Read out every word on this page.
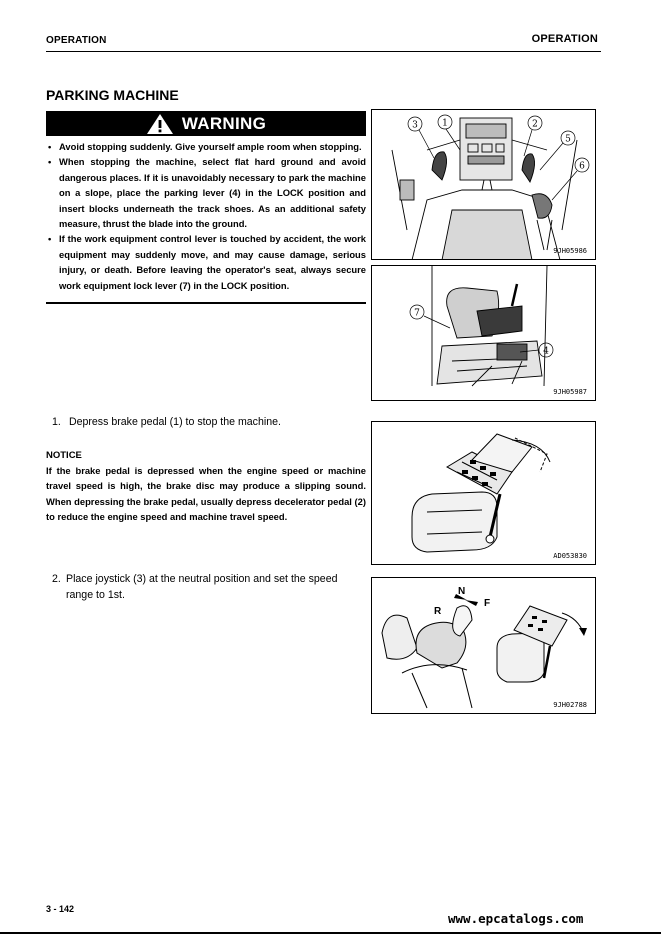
OPERATION	OPERATION
PARKING MACHINE
WARNING
• Avoid stopping suddenly. Give yourself ample room when stopping.
• When stopping the machine, select flat hard ground and avoid dangerous places. If it is unavoidably necessary to park the machine on a slope, place the parking lever (4) in the LOCK position and insert blocks underneath the track shoes. As an additional safety measure, thrust the blade into the ground.
• If the work equipment control lever is touched by accident, the work equipment may suddenly move, and may cause damage, serious injury, or death. Before leaving the operator's seat, always secure work equipment lock lever (7) in the LOCK position.
1. Depress brake pedal (1) to stop the machine.
NOTICE
If the brake pedal is depressed when the engine speed or machine travel speed is high, the brake disc may produce a slipping sound. When depressing the brake pedal, usually depress decelerator pedal (2) to reduce the engine speed and machine travel speed.
2. Place joystick (3) at the neutral position and set the speed
range to 1st.
3	1	2
5
6
9JH05986
7
4
9JH05987
AD053830
N
R
F
9JH02788
3 - 142
www.epcatalogs.com
